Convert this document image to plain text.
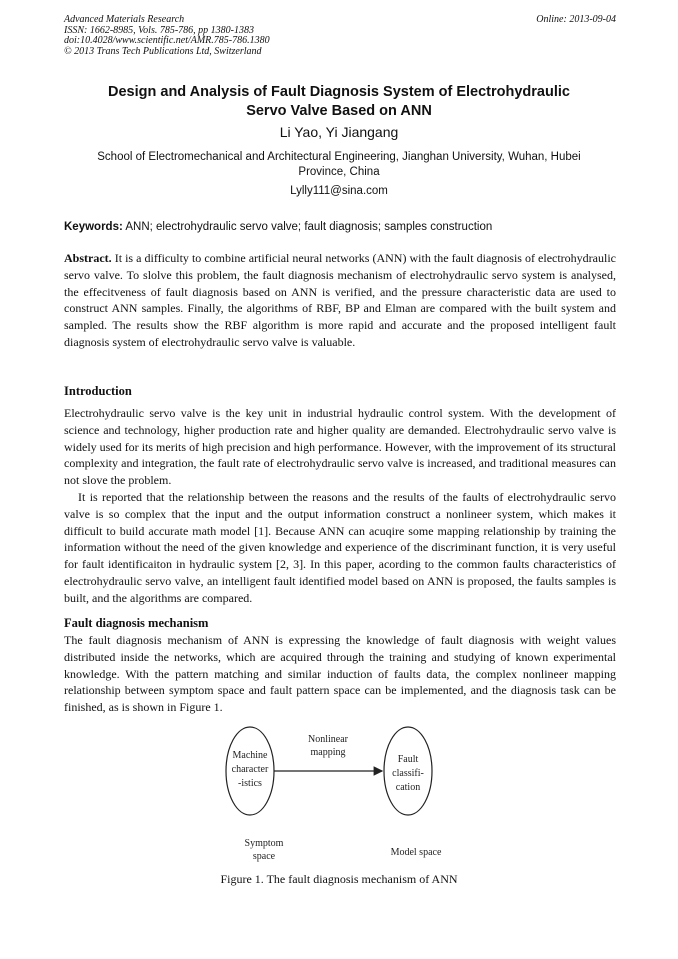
Advanced Materials Research
ISSN: 1662-8985, Vols. 785-786, pp 1380-1383
doi:10.4028/www.scientific.net/AMR.785-786.1380
© 2013 Trans Tech Publications Ltd, Switzerland
Online: 2013-09-04
Design and Analysis of Fault Diagnosis System of Electrohydraulic
Servo Valve Based on ANN
Li Yao, Yi Jiangang
School of Electromechanical and Architectural Engineering, Jianghan University, Wuhan, Hubei
Province, China
Lylly111@sina.com
Keywords: ANN; electrohydraulic servo valve; fault diagnosis; samples construction
Abstract. It is a difficulty to combine artificial neural networks (ANN) with the fault diagnosis of electrohydraulic servo valve. To slolve this problem, the fault diagnosis mechanism of electrohydraulic servo system is analysed, the effecitveness of fault diagnosis based on ANN is verified, and the pressure characteristic data are used to construct ANN samples. Finally, the algorithms of RBF, BP and Elman are compared with the built system and sampled. The results show the RBF algorithm is more rapid and accurate and the proposed intelligent fault diagnosis system of electrohydraulic servo valve is valuable.
Introduction

Electrohydraulic servo valve is the key unit in industrial hydraulic control system. With the development of science and technology, higher production rate and higher quality are demanded. Electrohydraulic servo valve is widely used for its merits of high precision and high performance. However, with the improvement of its structural complexity and integration, the fault rate of electrohydraulic servo valve is increased, and traditional measures can not slove the problem.

It is reported that the relationship between the reasons and the results of the faults of electrohydraulic servo valve is so complex that the input and the output information construct a nonlineer system, which makes it difficult to build accurate math model [1]. Because ANN can acuqire some mapping relationship by training the information without the need of the given knowledge and experience of the discriminant function, it is very useful for fault identificaiton in hydraulic system [2, 3]. In this paper, acording to the common faults characteristics of electrohydraulic servo valve, an intelligent fault identified model based on ANN is proposed, the faults samples is built, and the algorithms are compared.

Fault diagnosis mechanism
The fault diagnosis mechanism of ANN is expressing the knowledge of fault diagnosis with weight values distributed inside the networks, which are acquired through the training and studying of known experimental knowledge. With the pattern matching and similar induction of faults data, the complex nonlineer mapping relationship between symptom space and fault pattern space can be implemented, and the diagnosis task can be finished, as is shown in Figure 1.
Machine
character
-istics
Nonlinear
mapping
Fault
classifi-
cation
Symptom
space	Model space
Figure 1. The fault diagnosis mechanism of ANN
